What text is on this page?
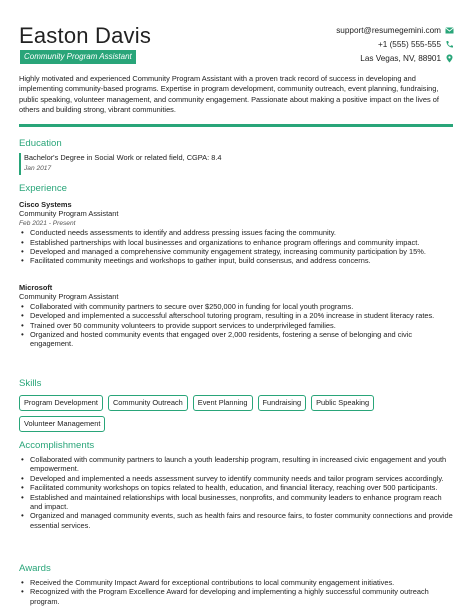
Easton Davis
Community Program Assistant
support@resumegemini.com
+1 (555) 555-555
Las Vegas, NV, 88901
Highly motivated and experienced Community Program Assistant with a proven track record of success in developing and implementing community-based programs. Expertise in program development, community outreach, event planning, fundraising, public speaking, volunteer management, and community engagement. Passionate about making a positive impact on the lives of others and building strong, vibrant communities.
Education
Bachelor's Degree in Social Work or related field, CGPA: 8.4
Jan 2017
Experience
Cisco Systems
Community Program Assistant
Feb 2021 - Present
• Conducted needs assessments to identify and address pressing issues facing the community.
• Established partnerships with local businesses and organizations to enhance program offerings and community impact.
• Developed and managed a comprehensive community engagement strategy, increasing community participation by 15%.
• Facilitated community meetings and workshops to gather input, build consensus, and address concerns.
Microsoft
Community Program Assistant
• Collaborated with community partners to secure over $250,000 in funding for local youth programs.
• Developed and implemented a successful afterschool tutoring program, resulting in a 20% increase in student literacy rates.
• Trained over 50 community volunteers to provide support services to underprivileged families.
• Organized and hosted community events that engaged over 2,000 residents, fostering a sense of belonging and civic engagement.
Skills
Program Development	Community Outreach	Event Planning	Fundraising	Public Speaking
Volunteer Management
Accomplishments
• Collaborated with community partners to launch a youth leadership program, resulting in increased civic engagement and youth empowerment.
• Developed and implemented a needs assessment survey to identify community needs and tailor program services accordingly.
• Facilitated community workshops on topics related to health, education, and financial literacy, reaching over 500 participants.
• Established and maintained relationships with local businesses, nonprofits, and community leaders to enhance program reach and impact.
• Organized and managed community events, such as health fairs and resource fairs, to foster community connections and provide essential services.
Awards
• Received the Community Impact Award for exceptional contributions to local community engagement initiatives.
• Recognized with the Program Excellence Award for developing and implementing a highly successful community outreach program.
